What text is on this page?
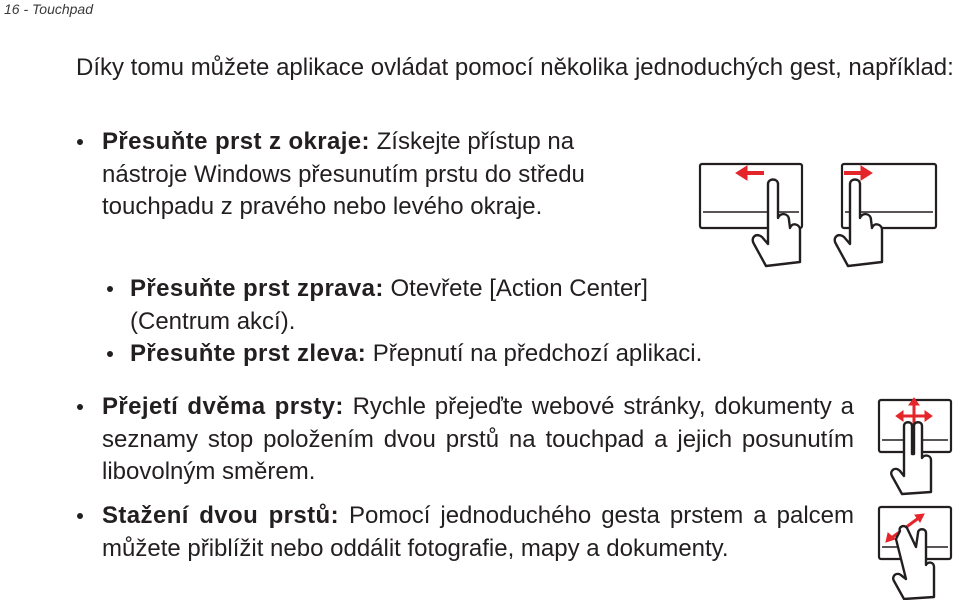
16 - Touchpad

Díky tomu můžete aplikace ovládat pomocí několika jednoduchých gest, například:

Přesuňte prst z okraje: Získejte přístup na nástroje Windows přesunutím prstu do středu touchpadu z pravého nebo levého okraje.

Přesuňte prst zprava: Otevřete [Action Center] (Centrum akcí).

Přesuňte prst zleva: Přepnutí na předchozí aplikaci.

Přejetí dvěma prsty: Rychle přejeďte webové stránky, dokumenty a seznamy stop položením dvou prstů na touchpad a jejich posunutím libovolným směrem.

Stažení dvou prstů: Pomocí jednoduchého gesta prstem a palcem můžete přiblížit nebo oddálit fotografie, mapy a dokumenty.
